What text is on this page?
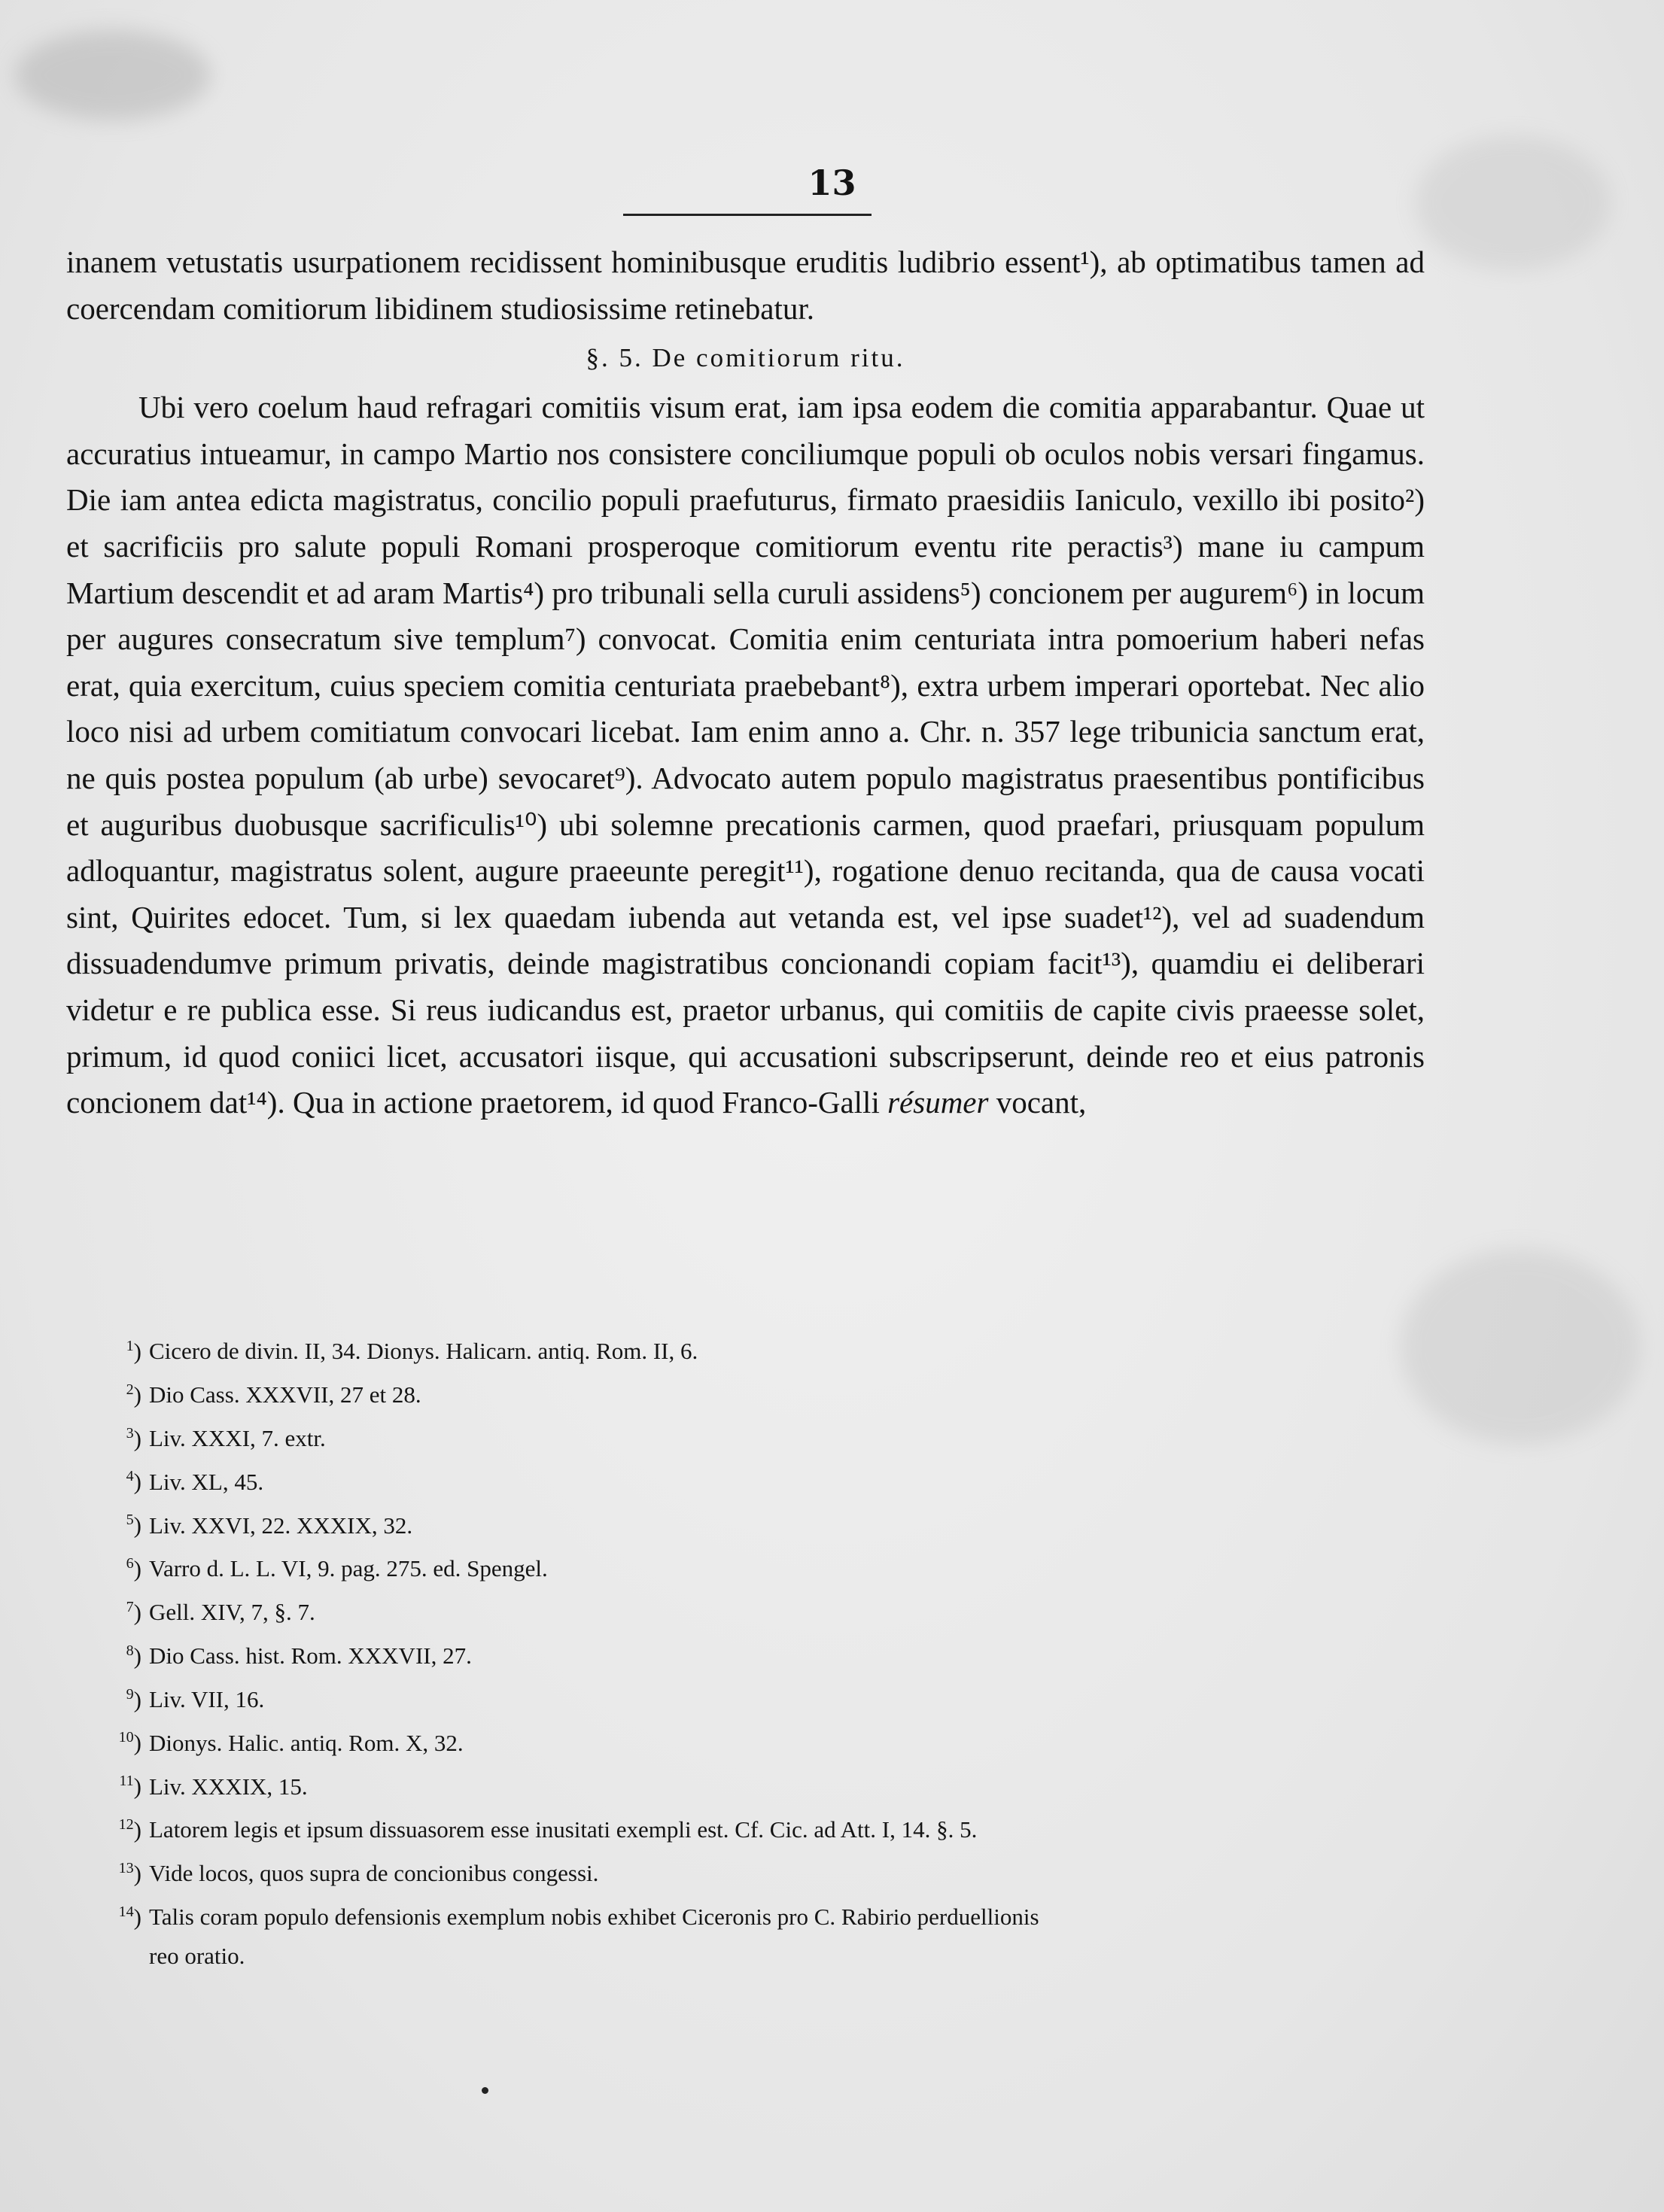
13

inanem vetustatis usurpationem recidissent hominibusque eruditis ludibrio essent¹), ab optimatibus tamen ad coercendam comitiorum libidinem studiosissime retinebatur.

§. 5. De comitiorum ritu.

Ubi vero coelum haud refragari comitiis visum erat, iam ipsa eodem die comitia apparabantur. Quae ut accuratius intueamur, in campo Martio nos consistere conciliumque populi ob oculos nobis versari fingamus. Die iam antea edicta magistratus, concilio populi praefuturus, firmato praesidiis Ianiculo, vexillo ibi posito²) et sacrificiis pro salute populi Romani prosperoque comitiorum eventu rite peractis³) mane iu campum Martium descendit et ad aram Martis⁴) pro tribunali sella curuli assidens⁵) concionem per augurem⁶) in locum per augures consecratum sive templum⁷) convocat. Comitia enim centuriata intra pomoerium haberi nefas erat, quia exercitum, cuius speciem comitia centuriata praebebant⁸), extra urbem imperari oportebat. Nec alio loco nisi ad urbem comitiatum convocari licebat. Iam enim anno a. Chr. n. 357 lege tribunicia sanctum erat, ne quis postea populum (ab urbe) sevocaret⁹). Advocato autem populo magistratus praesentibus pontificibus et auguribus duobusque sacrificulis¹⁰) ubi solemne precationis carmen, quod praefari, priusquam populum adloquantur, magistratus solent, augure praeeunte peregit¹¹), rogatione denuo recitanda, qua de causa vocati sint, Quirites edocet. Tum, si lex quaedam iubenda aut vetanda est, vel ipse suadet¹²), vel ad suadendum dissuadendumve primum privatis, deinde magistratibus concionandi copiam facit¹³), quamdiu ei deliberari videtur e re publica esse. Si reus iudicandus est, praetor urbanus, qui comitiis de capite civis praeesse solet, primum, id quod coniici licet, accusatori iisque, qui accusationi subscripserunt, deinde reo et eius patronis concionem dat¹⁴). Qua in actione praetorem, id quod Franco-Galli résumer vocant,

$^1$) Cicero de divin. II, 34. Dionys. Halicarn. antiq. Rom. II, 6.
$^2$) Dio Cass. XXXVII, 27 et 28.
$^3$) Liv. XXXI, 7. extr.
$^4$) Liv. XL, 45.
$^5$) Liv. XXVI, 22. XXXIX, 32.
$^6$) Varro d. L. L. VI, 9. pag. 275. ed. Spengel.
$^7$) Gell. XIV, 7, §. 7.
$^8$) Dio Cass. hist. Rom. XXXVII, 27.
$^9$) Liv. VII, 16.
$^{10}$) Dionys. Halic. antiq. Rom. X, 32.
$^{11}$) Liv. XXXIX, 15.
$^{12}$) Latorem legis et ipsum dissuasorem esse inusitati exempli est. Cf. Cic. ad Att. I, 14. §. 5.
$^{13}$) Vide locos, quos supra de concionibus congessi.
$^{14}$) Talis coram populo defensionis exemplum nobis exhibet Ciceronis pro C. Rabirio perduellionis
reo oratio.
